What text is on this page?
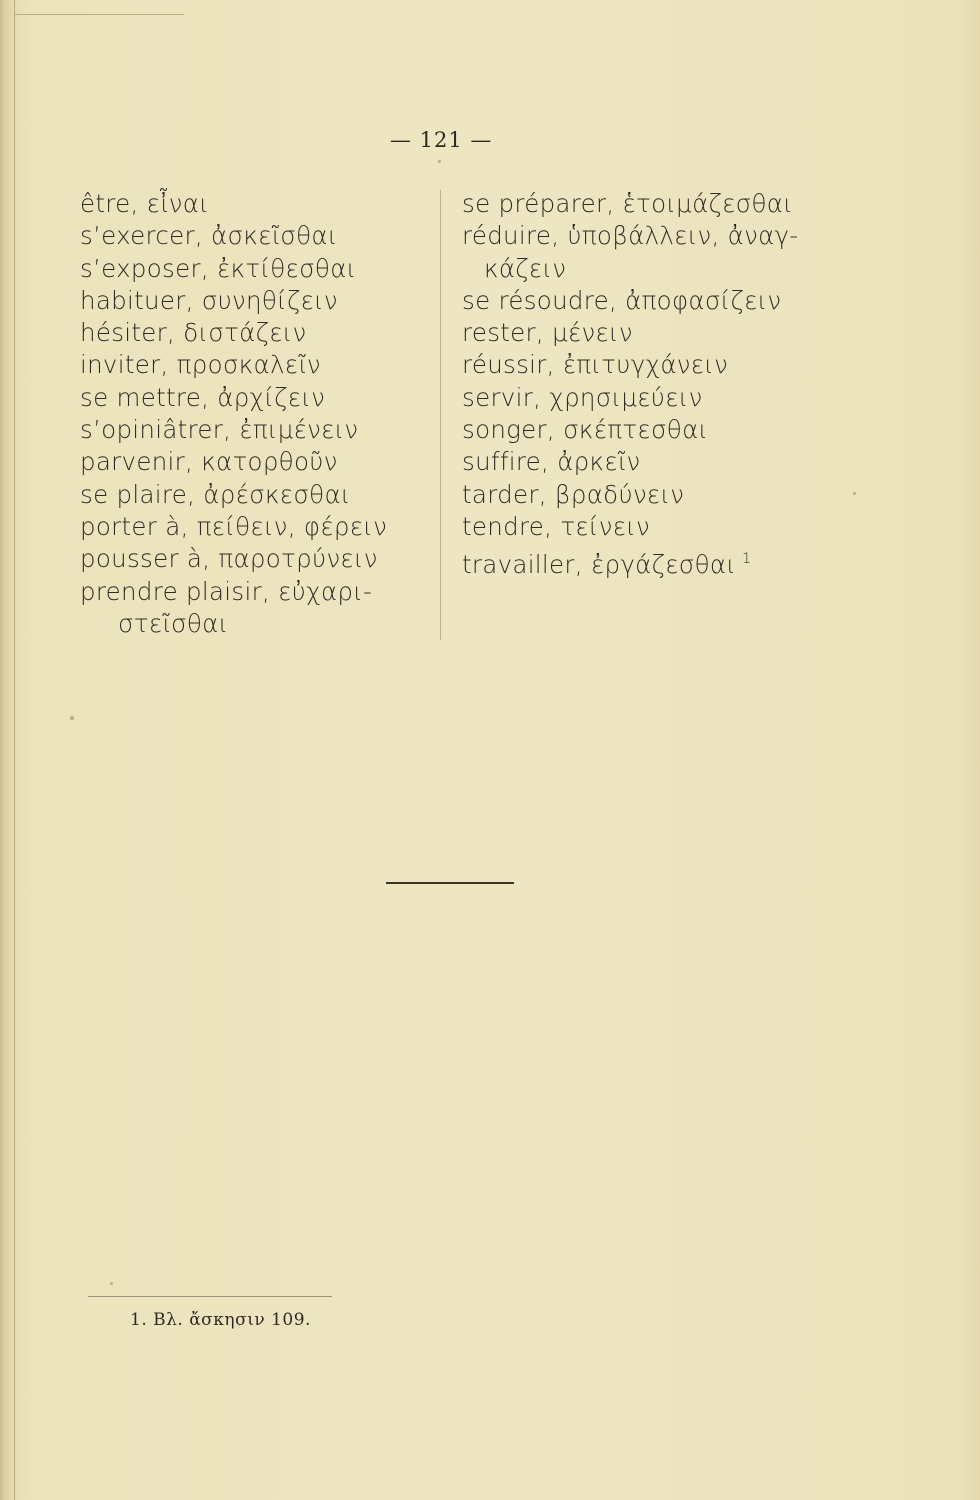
— 121 —
être, εἶναι
s’exercer, ἀσκεῖσθαι
s’exposer, ἐκτίθεσθαι
habituer, συνηθίζειν
hésiter, διστάζειν
inviter, προσκαλεῖν
se mettre, ἀρχίζειν
s’opiniâtrer, ἐπιμένειν
parvenir, κατορθοῦν
se plaire, ἀρέσκεσθαι
porter à, πείθειν, φέρειν
pousser à, παροτρύνειν
prendre plaisir, εὐχαρι-
στεῖσθαι
se préparer, ἑτοιμάζεσθαι
réduire, ὑποβάλλειν, ἀναγ-
κάζειν
se résoudre, ἀποφασίζειν
rester, μένειν
réussir, ἐπιτυγχάνειν
servir, χρησιμεύειν
songer, σκέπτεσθαι
suffire, ἀρκεῖν
tarder, βραδύνειν
tendre, τείνειν
travailler, ἐργάζεσθαι $^1$
1. Βλ. ἄσκησιν 109.
